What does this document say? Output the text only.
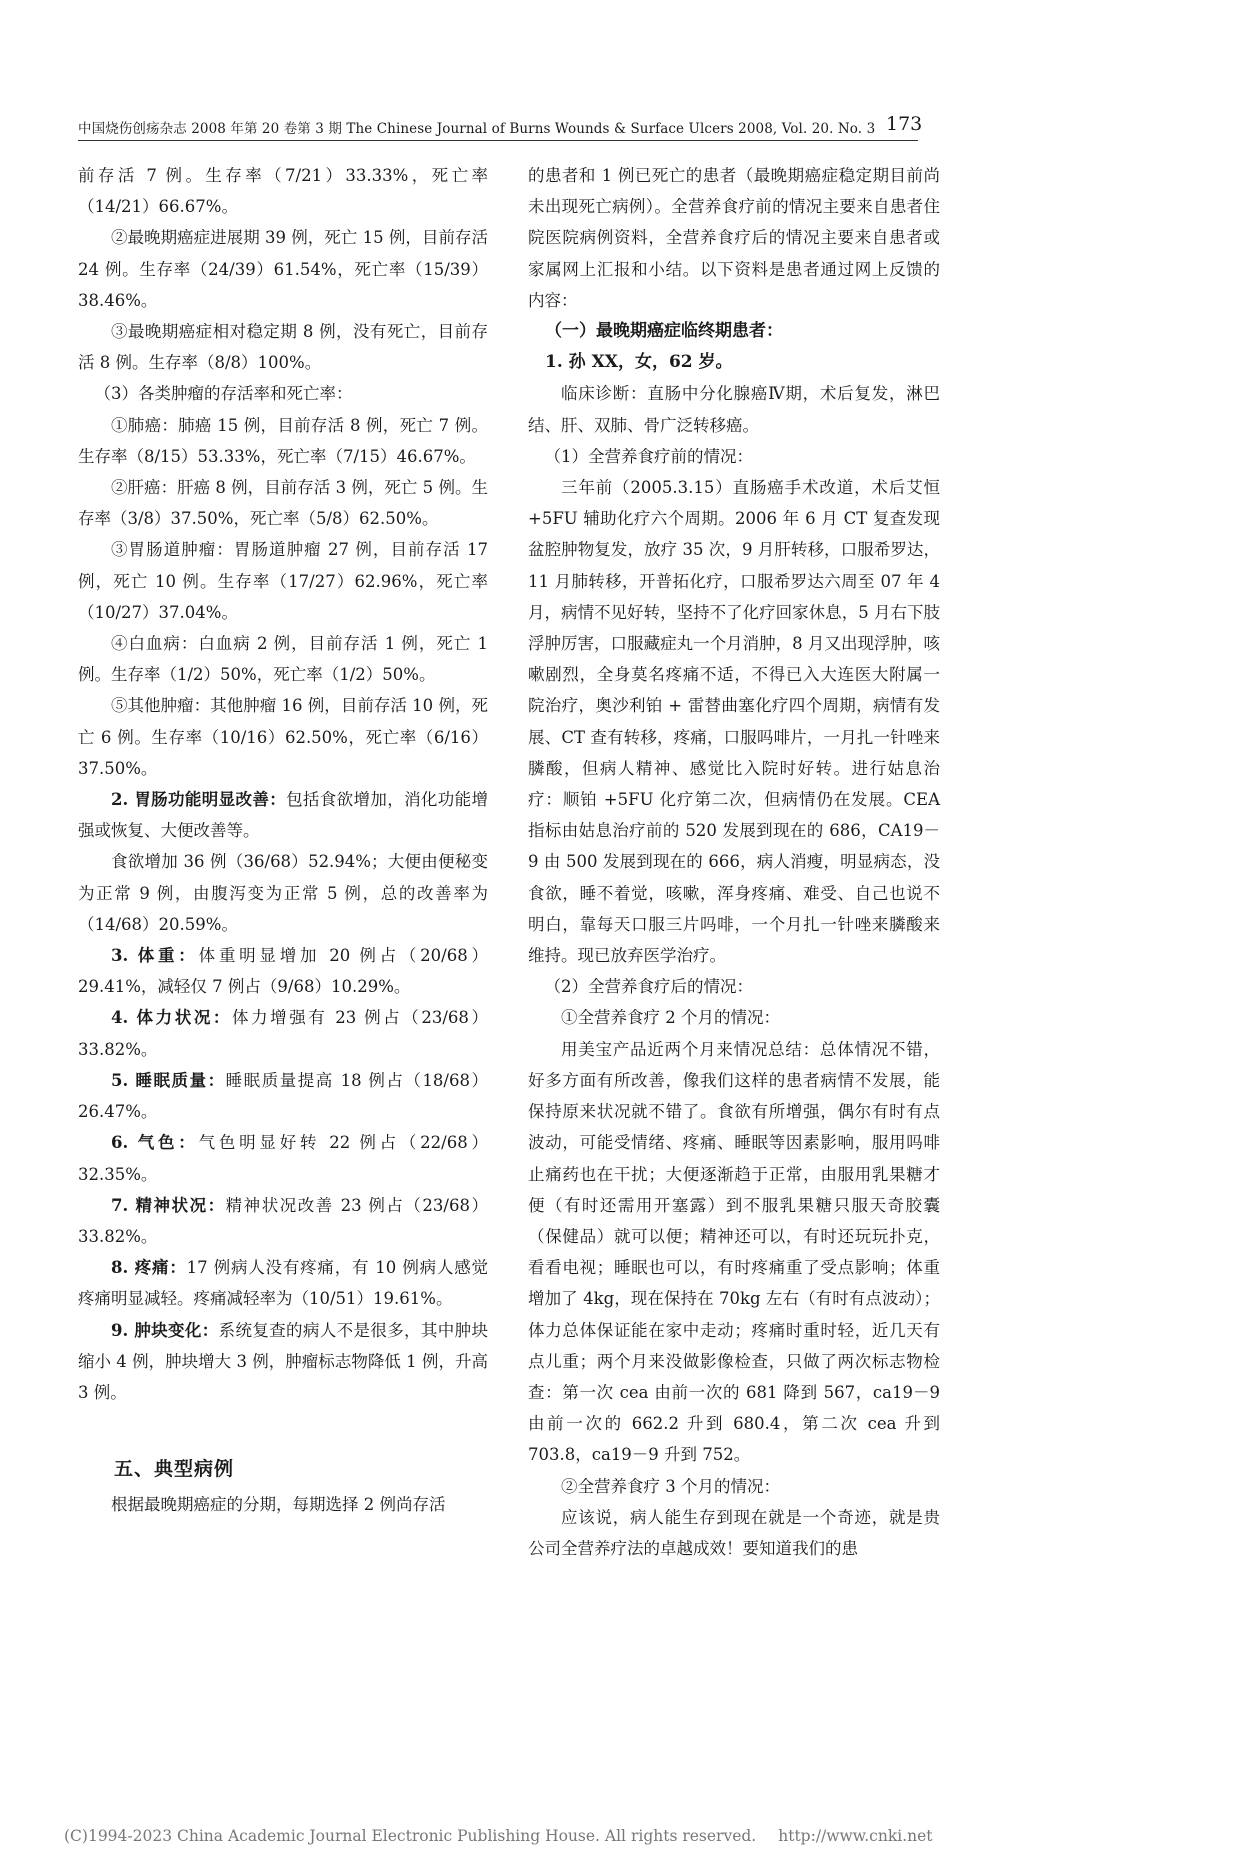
中国烧伤创疡杂志 2008 年第 20 卷第 3 期 The Chinese Journal of Burns Wounds & Surface Ulcers 2008, Vol. 20. No. 3 173

前存活 7 例。生存率（7/21）33.33%，死亡率（14/21）66.67%。

②最晚期癌症进展期 39 例，死亡 15 例，目前存活 24 例。生存率（24/39）61.54%，死亡率（15/39）38.46%。

③最晚期癌症相对稳定期 8 例，没有死亡，目前存活 8 例。生存率（8/8）100%。

（3）各类肿瘤的存活率和死亡率：

①肺癌：肺癌 15 例，目前存活 8 例，死亡 7 例。生存率（8/15）53.33%，死亡率（7/15）46.67%。

②肝癌：肝癌 8 例，目前存活 3 例，死亡 5 例。生存率（3/8）37.50%，死亡率（5/8）62.50%。

③胃肠道肿瘤：胃肠道肿瘤 27 例，目前存活 17 例，死亡 10 例。生存率（17/27）62.96%，死亡率（10/27）37.04%。

④白血病：白血病 2 例，目前存活 1 例，死亡 1 例。生存率（1/2）50%，死亡率（1/2）50%。

⑤其他肿瘤：其他肿瘤 16 例，目前存活 10 例，死亡 6 例。生存率（10/16）62.50%，死亡率（6/16）37.50%。

2. 胃肠功能明显改善：包括食欲增加，消化功能增强或恢复、大便改善等。

食欲增加 36 例（36/68）52.94%；大便由便秘变为正常 9 例，由腹泻变为正常 5 例，总的改善率为（14/68）20.59%。

3. 体重：体重明显增加 20 例占（20/68）29.41%，减轻仅 7 例占（9/68）10.29%。

4. 体力状况：体力增强有 23 例占（23/68）33.82%。

5. 睡眠质量：睡眠质量提高 18 例占（18/68）26.47%。

6. 气色：气色明显好转 22 例占（22/68）32.35%。

7. 精神状况：精神状况改善 23 例占（23/68）33.82%。

8. 疼痛：17 例病人没有疼痛，有 10 例病人感觉疼痛明显减轻。疼痛减轻率为（10/51）19.61%。

9. 肿块变化：系统复查的病人不是很多，其中肿块缩小 4 例，肿块增大 3 例，肿瘤标志物降低 1 例，升高 3 例。

五、典型病例

根据最晚期癌症的分期，每期选择 2 例尚存活

的患者和 1 例已死亡的患者（最晚期癌症稳定期目前尚未出现死亡病例）。全营养食疗前的情况主要来自患者住院医院病例资料，全营养食疗后的情况主要来自患者或家属网上汇报和小结。以下资料是患者通过网上反馈的内容：

（一）最晚期癌症临终期患者：

1. 孙 XX，女，62 岁。

临床诊断：直肠中分化腺癌Ⅳ期，术后复发，淋巴结、肝、双肺、骨广泛转移癌。

（1）全营养食疗前的情况：

三年前（2005.3.15）直肠癌手术改道，术后艾恒 +5FU 辅助化疗六个周期。2006 年 6 月 CT 复查发现盆腔肿物复发，放疗 35 次，9 月肝转移，口服希罗达，11 月肺转移，开普拓化疗，口服希罗达六周至 07 年 4 月，病情不见好转，坚持不了化疗回家休息，5 月右下肢浮肿厉害，口服藏症丸一个月消肿，8 月又出现浮肿，咳嗽剧烈，全身莫名疼痛不适，不得已入大连医大附属一院治疗，奥沙利铂 + 雷替曲塞化疗四个周期，病情有发展、CT 查有转移，疼痛，口服吗啡片，一月扎一针唑来膦酸，但病人精神、感觉比入院时好转。进行姑息治疗：顺铂 +5FU 化疗第二次，但病情仍在发展。CEA 指标由姑息治疗前的 520 发展到现在的 686，CA19－9 由 500 发展到现在的 666，病人消瘦，明显病态，没食欲，睡不着觉，咳嗽，浑身疼痛、难受、自己也说不明白，靠每天口服三片吗啡，一个月扎一针唑来膦酸来维持。现已放弃医学治疗。

（2）全营养食疗后的情况：

①全营养食疗 2 个月的情况：

用美宝产品近两个月来情况总结：总体情况不错，好多方面有所改善，像我们这样的患者病情不发展，能保持原来状况就不错了。食欲有所增强，偶尔有时有点波动，可能受情绪、疼痛、睡眠等因素影响，服用吗啡止痛药也在干扰；大便逐渐趋于正常，由服用乳果糖才便（有时还需用开塞露）到不服乳果糖只服天奇胶囊（保健品）就可以便；精神还可以，有时还玩玩扑克，看看电视；睡眠也可以，有时疼痛重了受点影响；体重增加了 4kg，现在保持在 70kg 左右（有时有点波动）；体力总体保证能在家中走动；疼痛时重时轻，近几天有点儿重；两个月来没做影像检查，只做了两次标志物检查：第一次 cea 由前一次的 681 降到 567，ca19－9 由前一次的 662.2 升到 680.4，第二次 cea 升到 703.8，ca19－9 升到 752。

②全营养食疗 3 个月的情况：

应该说，病人能生存到现在就是一个奇迹，就是贵公司全营养疗法的卓越成效！要知道我们的患

(C)1994-2023 China Academic Journal Electronic Publishing House. All rights reserved. http://www.cnki.net
